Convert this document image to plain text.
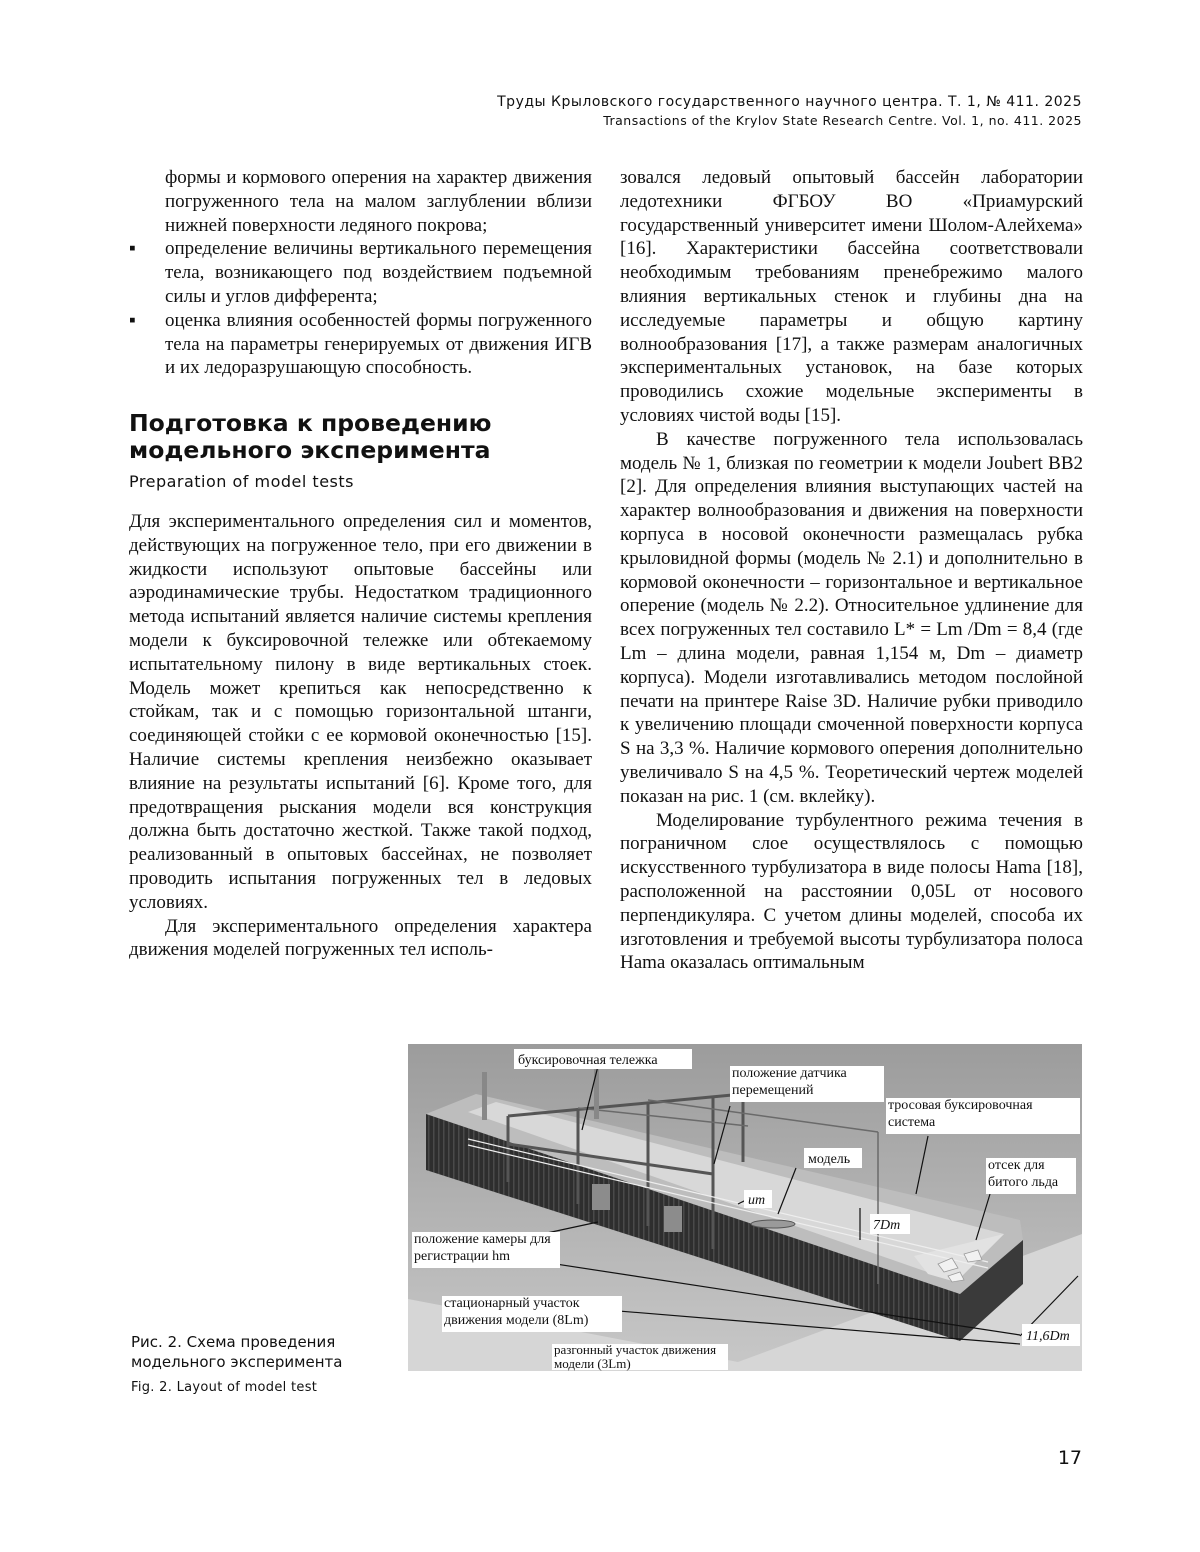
Труды Крыловского государственного научного центра. Т. 1, № 411. 2025
Transactions of the Krylov State Research Centre. Vol. 1, no. 411. 2025

формы и кормового оперения на характер движения погруженного тела на малом заглублении вблизи нижней поверхности ледяного покрова;

▪ определение величины вертикального перемещения тела, возникающего под воздействием подъемной силы и углов дифферента;

▪ оценка влияния особенностей формы погруженного тела на параметры генерируемых от движения ИГВ и их ледоразрушающую способность.

Подготовка к проведению модельного эксперимента
Preparation of model tests

Для экспериментального определения сил и моментов, действующих на погруженное тело, при его движении в жидкости используют опытовые бассейны или аэродинамические трубы. Недостатком традиционного метода испытаний является наличие системы крепления модели к буксировочной тележке или обтекаемому испытательному пилону в виде вертикальных стоек. Модель может крепиться как непосредственно к стойкам, так и с помощью горизонтальной штанги, соединяющей стойки с ее кормовой оконечностью [15]. Наличие системы крепления неизбежно оказывает влияние на результаты испытаний [6]. Кроме того, для предотвращения рыскания модели вся конструкция должна быть достаточно жесткой. Также такой подход, реализованный в опытовых бассейнах, не позволяет проводить испытания погруженных тел в ледовых условиях.

Для экспериментального определения характера движения моделей погруженных тел исполь-

зовался ледовый опытовый бассейн лаборатории ледотехники ФГБОУ ВО «Приамурский государственный университет имени Шолом-Алейхема» [16]. Характеристики бассейна соответствовали необходимым требованиям пренебрежимо малого влияния вертикальных стенок и глубины дна на исследуемые параметры и общую картину волнообразования [17], а также размерам аналогичных экспериментальных установок, на базе которых проводились схожие модельные эксперименты в условиях чистой воды [15].

В качестве погруженного тела использовалась модель № 1, близкая по геометрии к модели Joubert BB2 [2]. Для определения влияния выступающих частей на характер волнообразования и движения на поверхности корпуса в носовой оконечности размещалась рубка крыловидной формы (модель № 2.1) и дополнительно в кормовой оконечности – горизонтальное и вертикальное оперение (модель № 2.2). Относительное удлинение для всех погруженных тел составило L* = Lm /Dm = 8,4 (где Lm – длина модели, равная 1,154 м, Dm – диаметр корпуса). Модели изготавливались методом послойной печати на принтере Raise 3D. Наличие рубки приводило к увеличению площади смоченной поверхности корпуса S на 3,3 %. Наличие кормового оперения дополнительно увеличивало S на 4,5 %. Теоретический чертеж моделей показан на рис. 1 (см. вклейку).

Моделирование турбулентного режима течения в пограничном слое осуществлялось с помощью искусственного турбулизатора в виде полосы Hama [18], расположенной на расстоянии 0,05L от носового перпендикуляра. С учетом длины моделей, способа их изготовления и требуемой высоты турбулизатора полоса Hama оказалась оптимальным

буксировочная тележка
положение датчика перемещений
тросовая буксировочная система
модель	отсек для битого льда
um
7Dm
положение камеры для регистрации hm
стационарный участок движения модели (8Lm)
разгонный участок движения модели (3Lm)
11,6Dm
Рис. 2. Схема проведения модельного эксперимента
Fig. 2. Layout of model test
17
